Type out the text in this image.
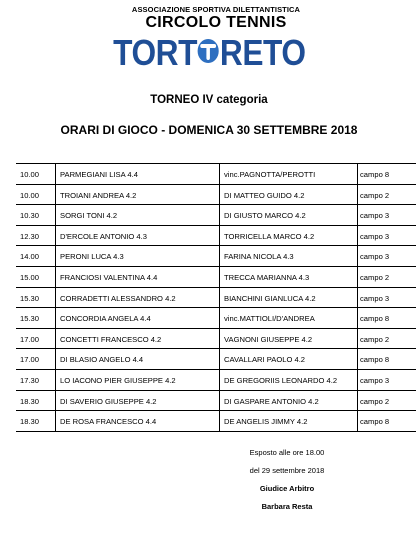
ASSOCIAZIONE SPORTIVA DILETTANTISTICA
CIRCOLO TENNIS
TORT RETO
TORNEO IV categoria
ORARI DI GIOCO - DOMENICA 30 SETTEMBRE 2018
10.00	PARMEGIANI LISA 4.4	vinc.PAGNOTTA/PEROTTI	campo 8
10.00	TROIANI ANDREA 4.2	DI MATTEO GUIDO 4.2	campo 2
10.30	SORGI TONI 4.2	DI GIUSTO MARCO 4.2	campo 3
12.30	D'ERCOLE ANTONIO 4.3	TORRICELLA MARCO 4.2	campo 3
14.00	PERONI LUCA 4.3	FARINA NICOLA 4.3	campo 3
15.00	FRANCIOSI VALENTINA 4.4	TRECCA MARIANNA 4.3	campo 2
15.30	CORRADETTI ALESSANDRO 4.2	BIANCHINI GIANLUCA 4.2	campo 3
15.30	CONCORDIA ANGELA 4.4	vinc.MATTIOLI/D'ANDREA	campo 8
17.00	CONCETTI FRANCESCO 4.2	VAGNONI GIUSEPPE 4.2	campo 2
17.00	DI BLASIO ANGELO 4.4	CAVALLARI PAOLO 4.2	campo 8
17.30	LO IACONO PIER GIUSEPPE 4.2	DE GREGORIIS LEONARDO 4.2	campo 3
18.30	DI SAVERIO GIUSEPPE 4.2	DI GASPARE ANTONIO 4.2	campo 2
18.30	DE ROSA FRANCESCO 4.4	DE ANGELIS JIMMY 4.2	campo 8
Esposto alle ore 18.00
del 29 settembre 2018
Giudice Arbitro
Barbara Resta
